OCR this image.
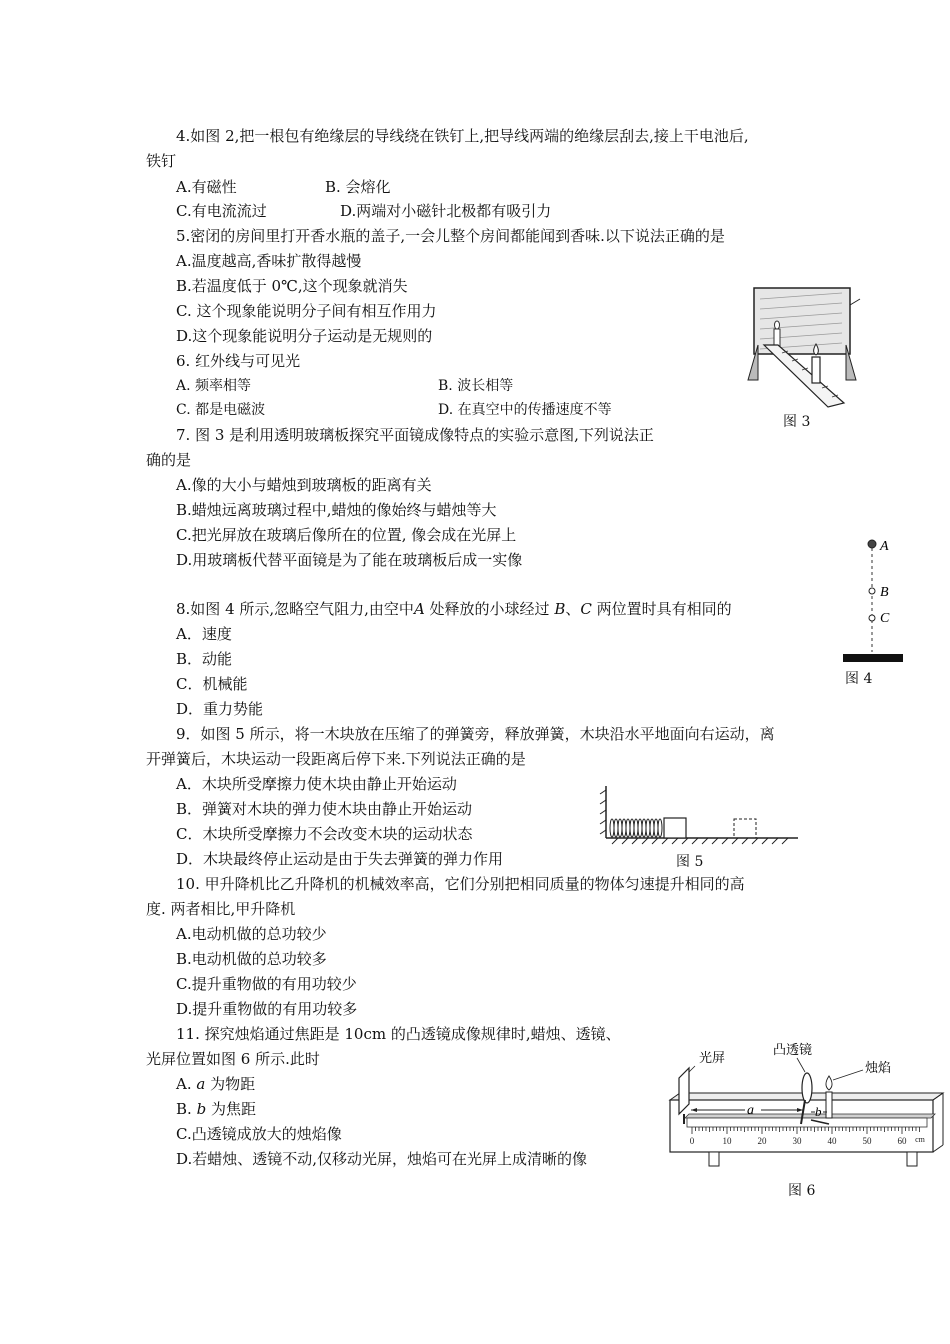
4.如图 2,把一根包有绝缘层的导线绕在铁钉上,把导线两端的绝缘层刮去,接上干电池后,
铁钉
A.有磁性	B. 会熔化
C.有电流流过	D.两端对小磁针北极都有吸引力
5.密闭的房间里打开香水瓶的盖子,一会儿整个房间都能闻到香味.以下说法正确的是
A.温度越高,香味扩散得越慢
B.若温度低于 0℃,这个现象就消失
C. 这个现象能说明分子间有相互作用力
D.这个现象能说明分子运动是无规则的
6. 红外线与可见光
A. 频率相等	B. 波长相等
C. 都是电磁波	D. 在真空中的传播速度不等
7. 图 3 是利用透明玻璃板探究平面镜成像特点的实验示意图,下列说法正
确的是
A.像的大小与蜡烛到玻璃板的距离有关
B.蜡烛远离玻璃过程中,蜡烛的像始终与蜡烛等大
C.把光屏放在玻璃后像所在的位置, 像会成在光屏上
D.用玻璃板代替平面镜是为了能在玻璃板后成一实像
8.如图 4 所示,忽略空气阻力,由空中A 处释放的小球经过 B、C 两位置时具有相同的
A．速度
B．动能
C．机械能
D．重力势能
9．如图 5 所示，将一木块放在压缩了的弹簧旁，释放弹簧，木块沿水平地面向右运动，离
开弹簧后，木块运动一段距离后停下来.下列说法正确的是
A．木块所受摩擦力使木块由静止开始运动
B．弹簧对木块的弹力使木块由静止开始运动
C．木块所受摩擦力不会改变木块的运动状态
D．木块最终停止运动是由于失去弹簧的弹力作用
10. 甲升降机比乙升降机的机械效率高，它们分别把相同质量的物体匀速提升相同的高
度. 两者相比,甲升降机
A.电动机做的总功较少
B.电动机做的总功较多
C.提升重物做的有用功较少
D.提升重物做的有用功较多
11. 探究烛焰通过焦距是 10cm 的凸透镜成像规律时,蜡烛、透镜、
光屏位置如图 6 所示.此时
A. a 为物距
B. b 为焦距
C.凸透镜成放大的烛焰像
D.若蜡烛、透镜不动,仅移动光屏，烛焰可在光屏上成清晰的像
图 3
A
B
C
图 4
图 5
0	10	20	30	40	50	60 cm
a	b
光屏
凸透镜
烛焰
图 6
